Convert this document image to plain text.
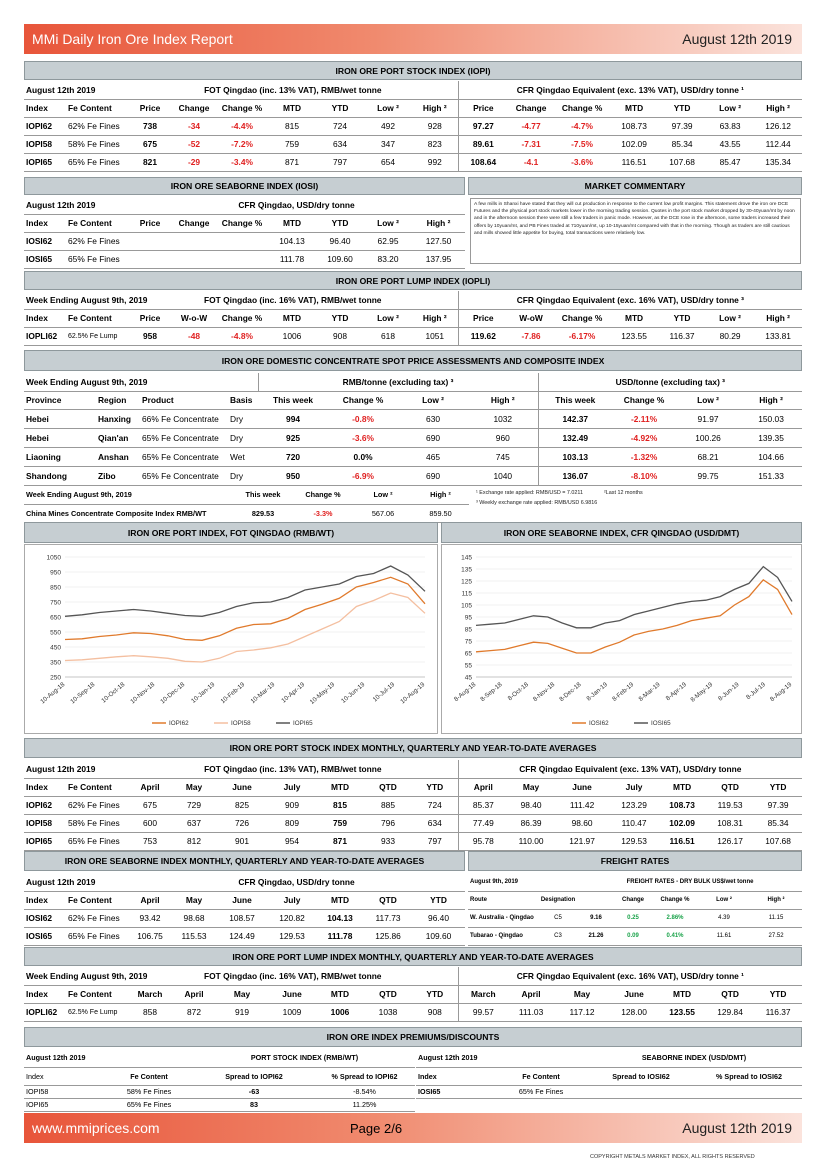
MMi Daily Iron Ore Index Report	August 12th 2019
IRON ORE PORT STOCK INDEX (IOPI)
August 12th 2019		FOT Qingdao (inc. 13% VAT), RMB/wet tonne							CFR Qingdao Equivalent (exc. 13% VAT), USD/dry tonne ¹						
Index	Fe Content	Price	Change	Change %	MTD	YTD	Low ²	High ²	Price	Change	Change %	MTD	YTD	Low ²	High ²
IOPI62	62% Fe Fines	738	-34	-4.4%	815	724	492	928	97.27	-4.77	-4.7%	108.73	97.39	63.83	126.12
IOPI58	58% Fe Fines	675	-52	-7.2%	759	634	347	823	89.61	-7.31	-7.5%	102.09	85.34	43.55	112.44
IOPI65	65% Fe Fines	821	-29	-3.4%	871	797	654	992	108.64	-4.1	-3.6%	116.51	107.68	85.47	135.34
IRON ORE SEABORNE INDEX (IOSI)	MARKET COMMENTARY
August 12th 2019		CFR Qingdao, USD/dry tonne						
Index	Fe Content	Price	Change	Change %	MTD	YTD	Low ²	High ²
IOSI62	62% Fe Fines				104.13	96.40	62.95	127.50
IOSI65	65% Fe Fines				111.78	109.60	83.20	137.95
A few mills in Shanxi have stated that they will cut production in response to the current low profit margins. This statement drove the iron ore DCE Futures and the physical port stock markets lower in the morning trading session. Quotes in the port stock market dropped by 30-40yuan/mt by noon and in the afternoon session there were still a few traders in panic mode. However, as the DCE rose in the afternoon, some traders increased their offers by 10yuan/mt, and PB Fines traded at 710yuan/mt, up 10-15yuan/mt compared with that in the morning. Though as traders are still cautious and mills showed little appetite for buying, total transactions were relatively low.
IRON ORE PORT LUMP INDEX (IOPLI)
Week Ending August 9th, 2019		FOT Qingdao (inc. 16% VAT), RMB/wet tonne							CFR Qingdao Equivalent (exc. 16% VAT), USD/dry tonne ³						
Index	Fe Content	Price	W-o-W	Change %	MTD	YTD	Low ²	High ²	Price	W-oW	Change %	MTD	YTD	Low ²	High ²
IOPLI62	62.5% Fe Lump	958	-48	-4.8%	1006	908	618	1051	119.62	-7.86	-6.17%	123.55	116.37	80.29	133.81
IRON ORE DOMESTIC CONCENTRATE SPOT PRICE ASSESSMENTS AND COMPOSITE INDEX
Week Ending August 9th, 2019				RMB/tonne (excluding tax) ³				USD/tonne (excluding tax) ³			
Province	Region	Product	Basis	This week	Change %	Low ²	High ²	This week	Change %	Low ²	High ²
Hebei	Hanxing	66% Fe Concentrate	Dry	994	-0.8%	630	1032	142.37	-2.11%	91.97	150.03
Hebei	Qian'an	65% Fe Concentrate	Dry	925	-3.6%	690	960	132.49	-4.92%	100.26	139.35
Liaoning	Anshan	65% Fe Concentrate	Wet	720	0.0%	465	745	103.13	-1.32%	68.21	104.66
Shandong	Zibo	65% Fe Concentrate	Dry	950	-6.9%	690	1040	136.07	-8.10%	99.75	151.33
Week Ending August 9th, 2019	This week	Change %	Low ²	High ²
China Mines Concentrate Composite Index RMB/WT	829.53	-3.3%	567.06	859.50
¹ Exchange rate applied: RMB/USD = 7.0211	²Last 12 months
³ Weekly exchange rate applied: RMB/USD 6.9816
IRON ORE PORT INDEX, FOT QINGDAO (RMB/WT)	IRON ORE SEABORNE INDEX, CFR QINGDAO (USD/DMT)
250
350
450
550
650
750
850
950
1050
10-Aug-18 10-Sep-18 10-Oct-18 10-Nov-18 10-Dec-18 10-Jan-19 10-Feb-19 10-Mar-19 10-Apr-19 10-May-19 10-Jun-19 10-Jul-19 10-Aug-19
IOPI62	IOPI58	IOPI65
45
55
65
75
85
95
105
115
125
135
145
8-Aug-18 8-Sep-18 8-Oct-18 8-Nov-18 8-Dec-18 8-Jan-19 8-Feb-19 8-Mar-19 8-Apr-19 8-May-19 8-Jun-19 8-Jul-19 8-Aug-19
IOSI62	IOSI65
IRON ORE PORT STOCK INDEX MONTHLY, QUARTERLY AND YEAR-TO-DATE AVERAGES
August 12th 2019		FOT Qingdao (inc. 13% VAT), RMB/wet tonne							CFR Qingdao Equivalent (exc. 13% VAT), USD/dry tonne						
Index	Fe Content	April	May	June	July	MTD	QTD	YTD	April	May	June	July	MTD	QTD	YTD
IOPI62	62% Fe Fines	675	729	825	909	815	885	724	85.37	98.40	111.42	123.29	108.73	119.53	97.39
IOPI58	58% Fe Fines	600	637	726	809	759	796	634	77.49	86.39	98.60	110.47	102.09	108.31	85.34
IOPI65	65% Fe Fines	753	812	901	954	871	933	797	95.78	110.00	121.97	129.53	116.51	126.17	107.68
IRON ORE SEABORNE INDEX MONTHLY, QUARTERLY AND YEAR-TO-DATE AVERAGES	FREIGHT RATES
August 12th 2019		CFR Qingdao, USD/dry tonne						
Index	Fe Content	April	May	June	July	MTD	QTD	YTD
IOSI62	62% Fe Fines	93.42	98.68	108.57	120.82	104.13	117.73	96.40
IOSI65	65% Fe Fines	106.75	115.53	124.49	129.53	111.78	125.86	109.60
August 9th, 2019		FREIGHT RATES - DRY BULK US$/wet tonne				
Route	Designation		Change	Change %	Low ²	High ²
W. Australia - Qingdao	C5	9.16	0.25	2.86%	4.39	11.15
Tubarao - Qingdao	C3	21.26	0.09	0.41%	11.61	27.52
IRON ORE PORT LUMP INDEX MONTHLY, QUARTERLY AND YEAR-TO-DATE AVERAGES
Week Ending August 9th, 2019		FOT Qingdao (inc. 16% VAT), RMB/wet tonne							CFR Qingdao Equivalent (exc. 16% VAT), USD/dry tonne ¹						
Index	Fe Content	March	April	May	June	MTD	QTD	YTD	March	April	May	June	MTD	QTD	YTD
IOPLI62	62.5% Fe Lump	858	872	919	1009	1006	1038	908	99.57	111.03	117.12	128.00	123.55	129.84	116.37
IRON ORE INDEX PREMIUMS/DISCOUNTS
August 12th 2019		PORT STOCK INDEX (RMB/WT)	
Index	Fe Content	Spread to IOPI62	% Spread to IOPI62
IOPI58	58% Fe Fines	-63	-8.54%
IOPI65	65% Fe Fines	83	11.25%
August 12th 2019		SEABORNE INDEX (USD/DMT)	
Index	Fe Content	Spread to IOSI62	% Spread to IOSI62
IOSI65	65% Fe Fines		
www.mmiprices.com	Page 2/6	August 12th 2019
COPYRIGHT METALS MARKET INDEX, ALL RIGHTS RESERVED
